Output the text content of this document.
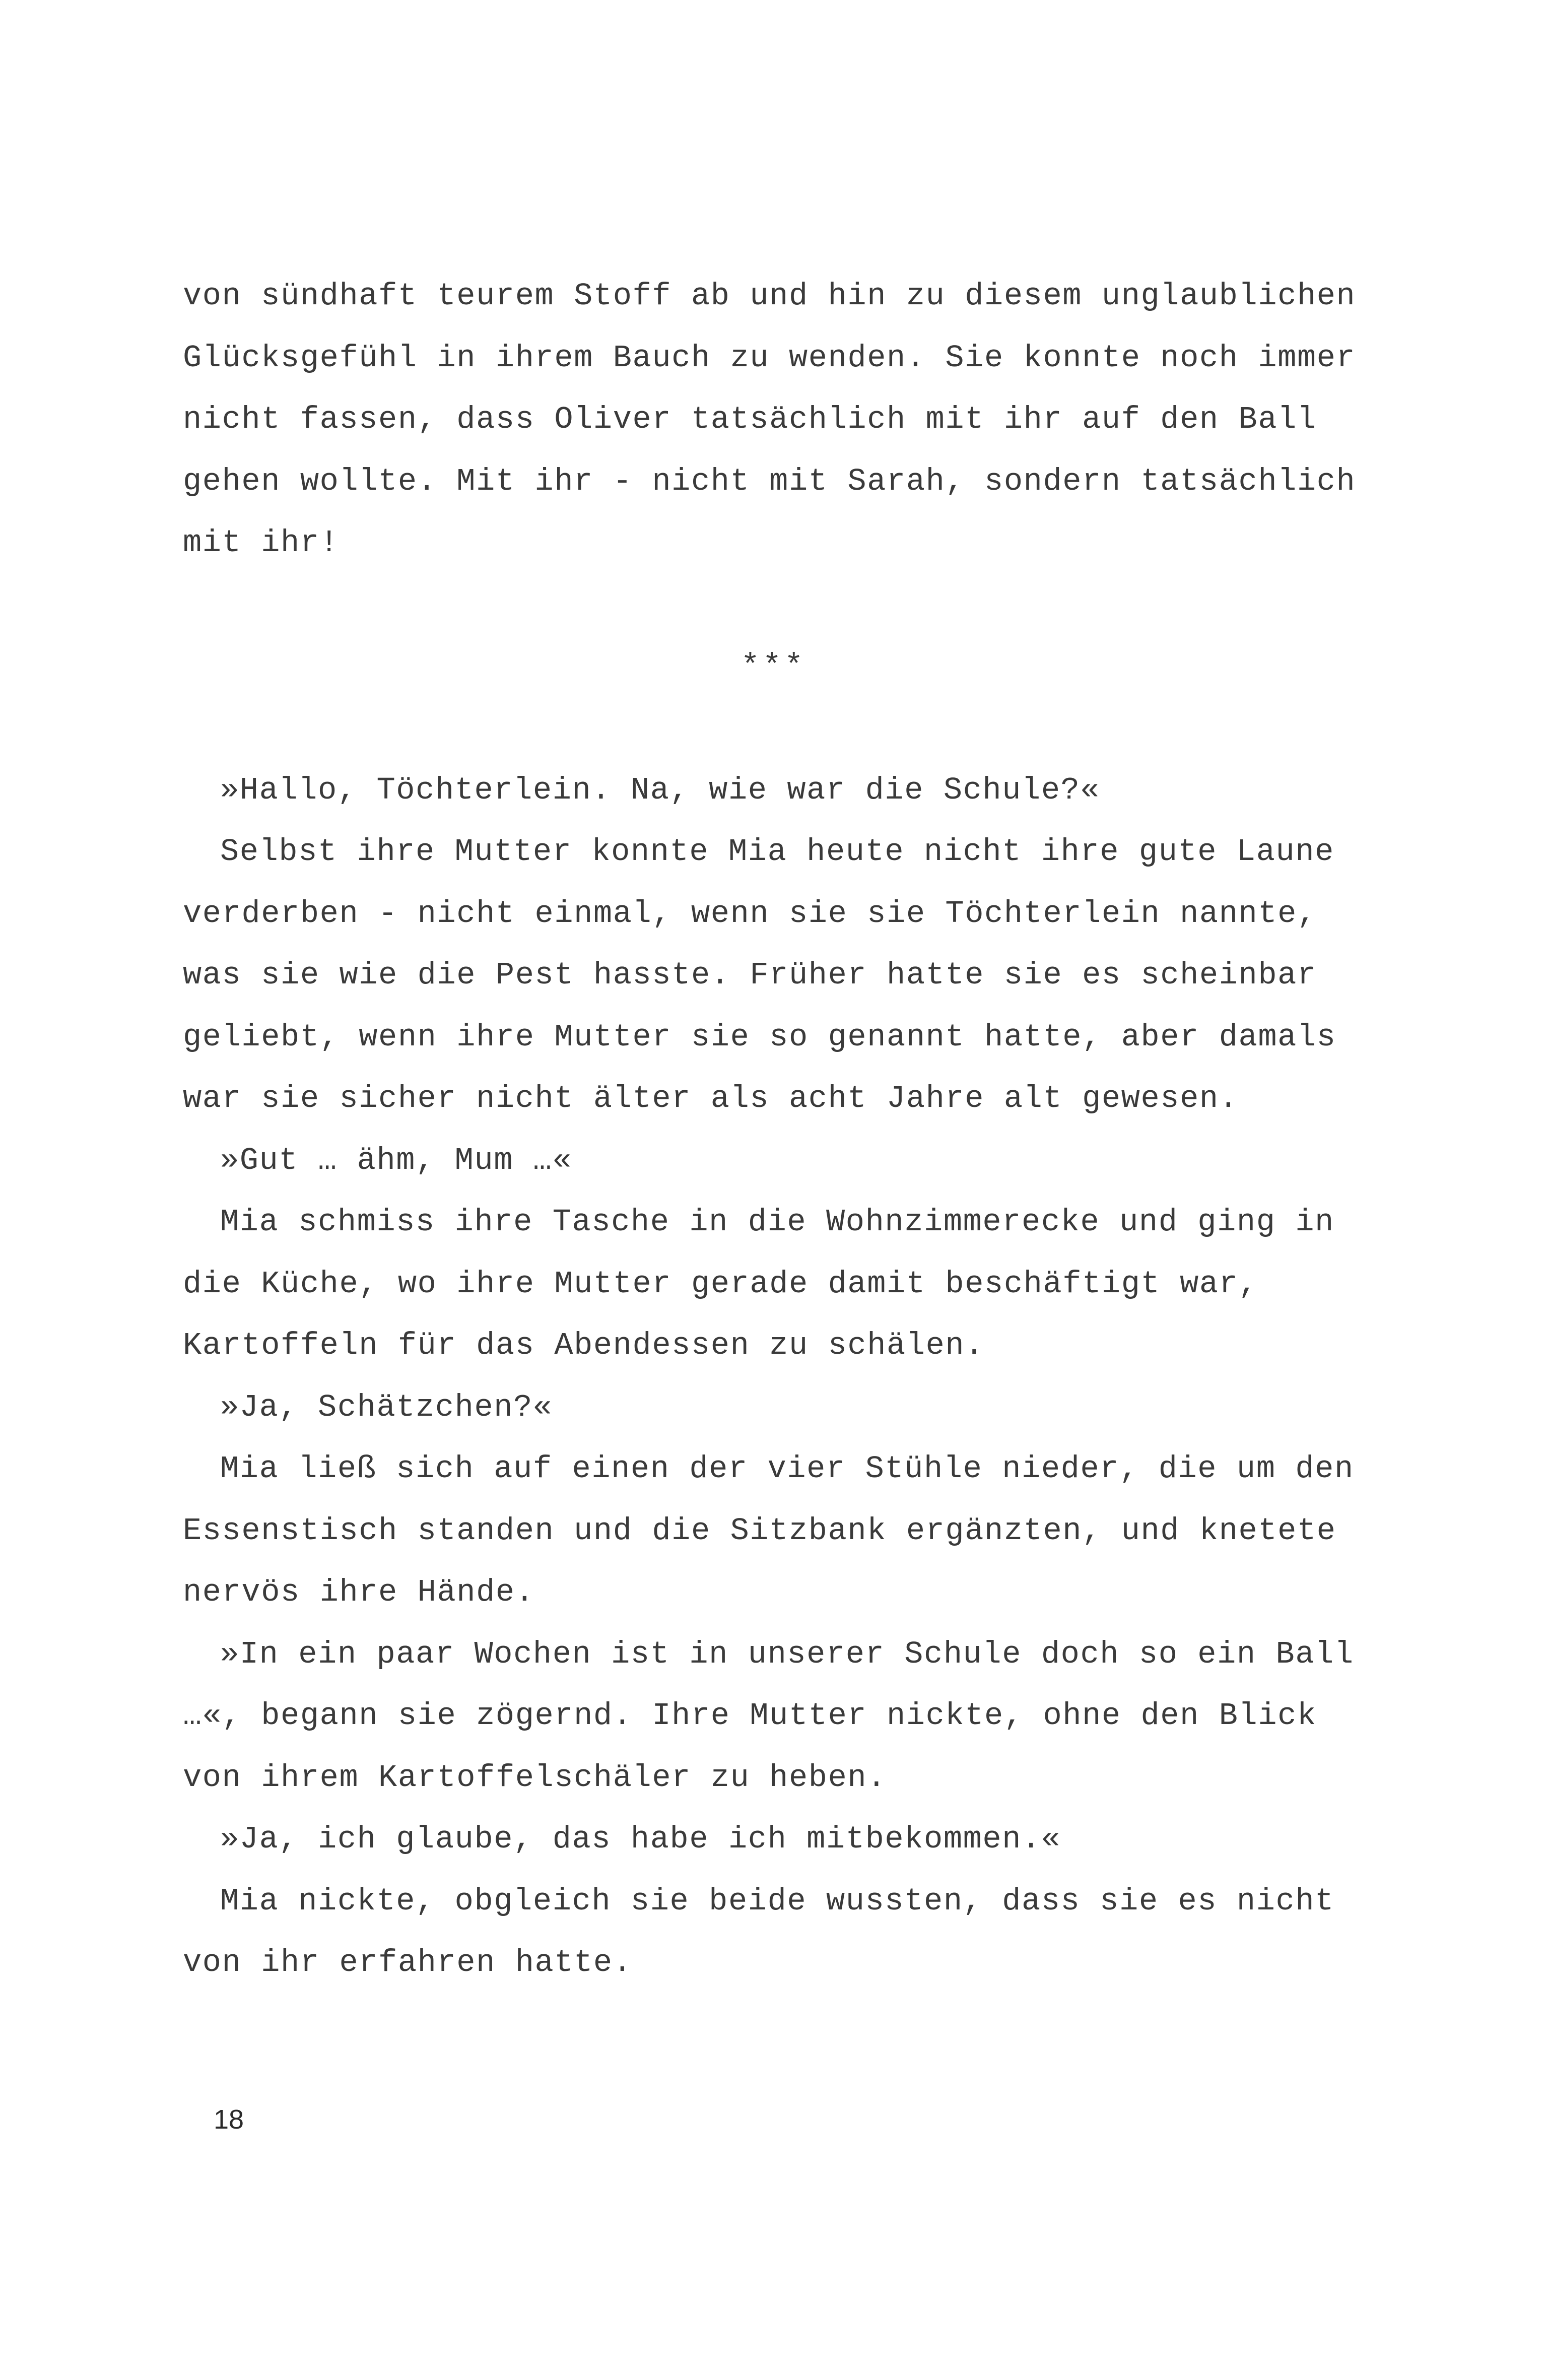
von sündhaft teurem Stoff ab und hin zu diesem unglaublichen
Glücksgefühl in ihrem Bauch zu wenden. Sie konnte noch immer
nicht fassen, dass Oliver tatsächlich mit ihr auf den Ball
gehen wollte. Mit ihr - nicht mit Sarah, sondern tatsächlich
mit ihr!
***
»Hallo, Töchterlein. Na, wie war die Schule?«
Selbst ihre Mutter konnte Mia heute nicht ihre gute Laune
verderben - nicht einmal, wenn sie sie Töchterlein nannte,
was sie wie die Pest hasste. Früher hatte sie es scheinbar
geliebt, wenn ihre Mutter sie so genannt hatte, aber damals
war sie sicher nicht älter als acht Jahre alt gewesen.
»Gut … ähm, Mum …«
Mia schmiss ihre Tasche in die Wohnzimmerecke und ging in
die Küche, wo ihre Mutter gerade damit beschäftigt war,
Kartoffeln für das Abendessen zu schälen.
»Ja, Schätzchen?«
Mia ließ sich auf einen der vier Stühle nieder, die um den
Essenstisch standen und die Sitzbank ergänzten, und knetete
nervös ihre Hände.
»In ein paar Wochen ist in unserer Schule doch so ein Ball
…«, begann sie zögernd. Ihre Mutter nickte, ohne den Blick
von ihrem Kartoffelschäler zu heben.
»Ja, ich glaube, das habe ich mitbekommen.«
Mia nickte, obgleich sie beide wussten, dass sie es nicht
von ihr erfahren hatte.
18
